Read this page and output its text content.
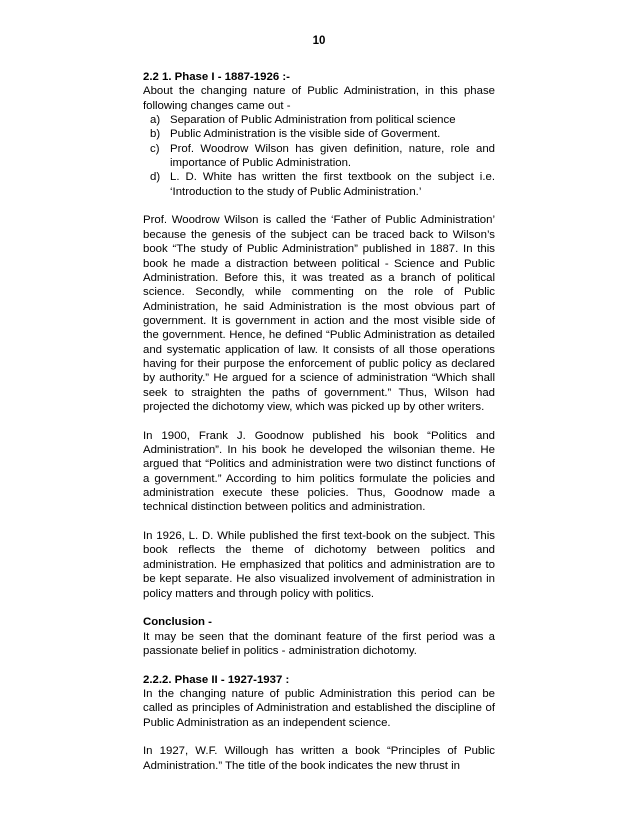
10

2.2 1. Phase I - 1887-1926 :-

About the changing nature of Public Administration, in this phase following changes came out -

a) Separation of Public Administration from political science
b) Public Administration is the visible side of Goverment.
c) Prof. Woodrow Wilson has given definition, nature, role and importance of Public Administration.
d) L. D. White has written the first textbook on the subject i.e. ‘Introduction to the study of Public Administration.’

Prof. Woodrow Wilson is called the ‘Father of Public Administration’ because the genesis of the subject can be traced back to Wilson’s book “The study of Public Administration” published in 1887. In this book he made a distraction between political - Science and Public Administration. Before this, it was treated as a branch of political science. Secondly, while commenting on the role of Public Administration, he said Administration is the most obvious part of government. It is government in action and the most visible side of the government. Hence, he defined “Public Administration as detailed and systematic application of law. It consists of all those operations having for their purpose the enforcement of public policy as declared by authority.” He argued for a science of administration “Which shall seek to straighten the paths of government.” Thus, Wilson had projected the dichotomy view, which was picked up by other writers.

In 1900, Frank J. Goodnow published his book “Politics and Administration”. In his book he developed the wilsonian theme. He argued that “Politics and administration were two distinct functions of a government.” According to him politics formulate the policies and administration execute these policies. Thus, Goodnow made a technical distinction between politics and administration.

In 1926, L. D. While published the first text-book on the subject. This book reflects the theme of dichotomy between politics and administration. He emphasized that politics and administration are to be kept separate. He also visualized involvement of administration in policy matters and through policy with politics.

Conclusion -

It may be seen that the dominant feature of the first period was a passionate belief in politics - administration dichotomy.

2.2.2. Phase II - 1927-1937 :

In the changing nature of public Administration this period can be called as principles of Administration and established the discipline of Public Administration as an independent science.

In 1927, W.F. Willough has written a book “Principles of Public Administration.” The title of the book indicates the new thrust in
